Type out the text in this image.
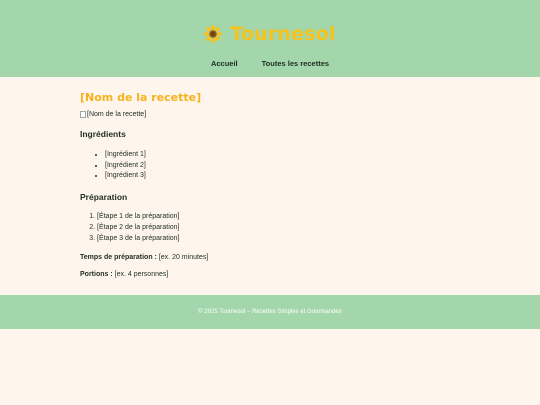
Tournesol
Accueil	Toutes les recettes
[Nom de la recette]
[Nom de la recette]
Ingrédients
• [Ingrédient 1]
• [Ingrédient 2]
• [Ingrédient 3]
Préparation
1. [Étape 1 de la préparation]
2. [Étape 2 de la préparation]
3. [Étape 3 de la préparation]

Temps de préparation : [ex. 20 minutes]

Portions : [ex. 4 personnes]

© 2025 Tournesol – Recettes Simples et Gourmandes
